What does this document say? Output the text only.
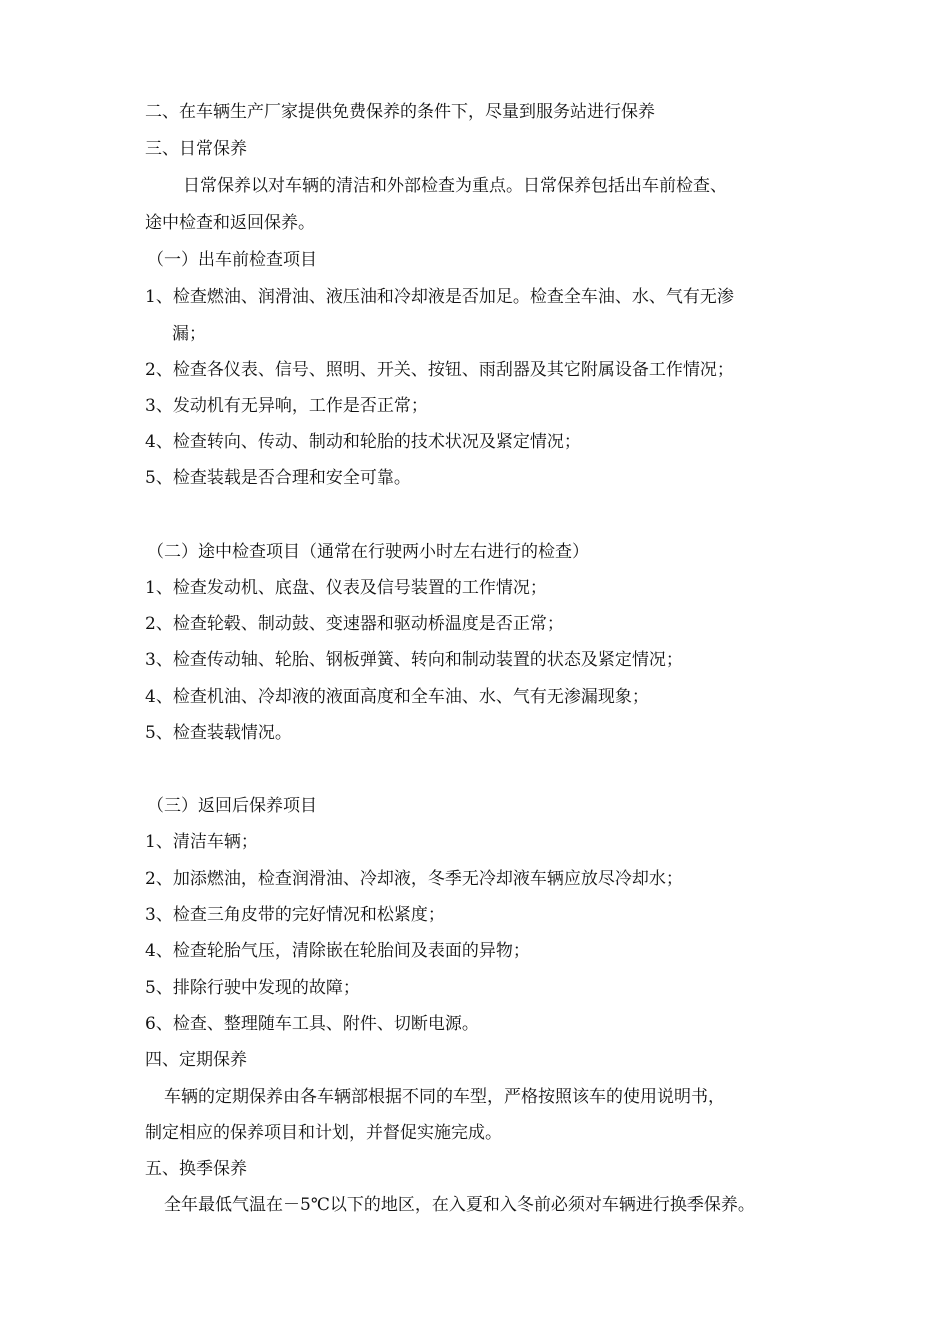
二、在车辆生产厂家提供免费保养的条件下，尽量到服务站进行保养
三、日常保养
日常保养以对车辆的清洁和外部检查为重点。日常保养包括出车前检查、
途中检查和返回保养。
（一）出车前检查项目
1、检查燃油、润滑油、液压油和冷却液是否加足。检查全车油、水、气有无渗
漏；
2、检查各仪表、信号、照明、开关、按钮、雨刮器及其它附属设备工作情况；
3、发动机有无异响，工作是否正常；
4、检查转向、传动、制动和轮胎的技术状况及紧定情况；
5、检查装载是否合理和安全可靠。
（二）途中检查项目（通常在行驶两小时左右进行的检查）
1、检查发动机、底盘、仪表及信号装置的工作情况；
2、检查轮毂、制动鼓、变速器和驱动桥温度是否正常；
3、检查传动轴、轮胎、钢板弹簧、转向和制动装置的状态及紧定情况；
4、检查机油、冷却液的液面高度和全车油、水、气有无渗漏现象；
5、检查装载情况。
（三）返回后保养项目
1、清洁车辆；
2、加添燃油，检查润滑油、冷却液，冬季无冷却液车辆应放尽冷却水；
3、检查三角皮带的完好情况和松紧度；
4、检查轮胎气压，清除嵌在轮胎间及表面的异物；
5、排除行驶中发现的故障；
6、检查、整理随车工具、附件、切断电源。
四、定期保养
车辆的定期保养由各车辆部根据不同的车型，严格按照该车的使用说明书，
制定相应的保养项目和计划，并督促实施完成。
五、换季保养
全年最低气温在－5℃以下的地区，在入夏和入冬前必须对车辆进行换季保养。
